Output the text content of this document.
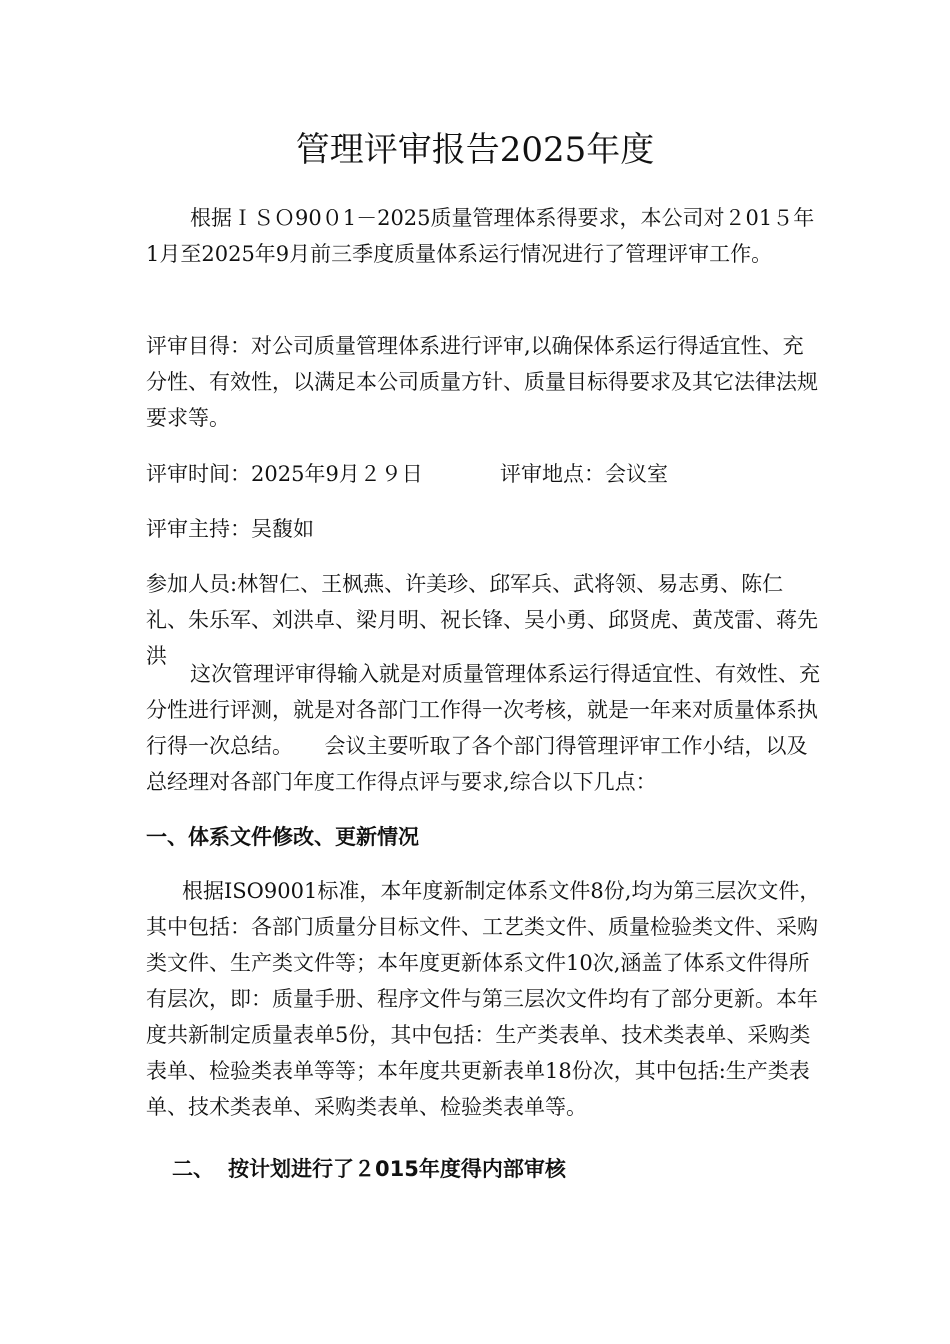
管理评审报告2025年度
根据ＩＳＯ90０1－2025质量管理体系得要求，本公司对２01５年1月至2025年9月前三季度质量体系运行情况进行了管理评审工作。
评审目得：对公司质量管理体系进行评审,以确保体系运行得适宜性、充分性、有效性，以满足本公司质量方针、质量目标得要求及其它法律法规要求等。
评审时间：2025年9月２９日	评审地点：会议室
评审主持：吴馥如
参加人员:林智仁、王枫燕、许美珍、邱军兵、武将领、易志勇、陈仁礼、朱乐军、刘洪卓、梁月明、祝长锋、吴小勇、邱贤虎、黄茂雷、蒋先洪
这次管理评审得输入就是对质量管理体系运行得适宜性、有效性、充分性进行评测，就是对各部门工作得一次考核，就是一年来对质量体系执行得一次总结。　　会议主要听取了各个部门得管理评审工作小结，以及总经理对各部门年度工作得点评与要求,综合以下几点：
一、体系文件修改、更新情况
根据ISO9001标准，本年度新制定体系文件8份,均为第三层次文件，其中包括：各部门质量分目标文件、工艺类文件、质量检验类文件、采购类文件、生产类文件等；本年度更新体系文件10次,涵盖了体系文件得所有层次，即：质量手册、程序文件与第三层次文件均有了部分更新。本年度共新制定质量表单5份，其中包括：生产类表单、技术类表单、采购类表单、检验类表单等等；本年度共更新表单18份次，其中包括:生产类表单、技术类表单、采购类表单、检验类表单等。
二、 按计划进行了２015年度得内部审核
